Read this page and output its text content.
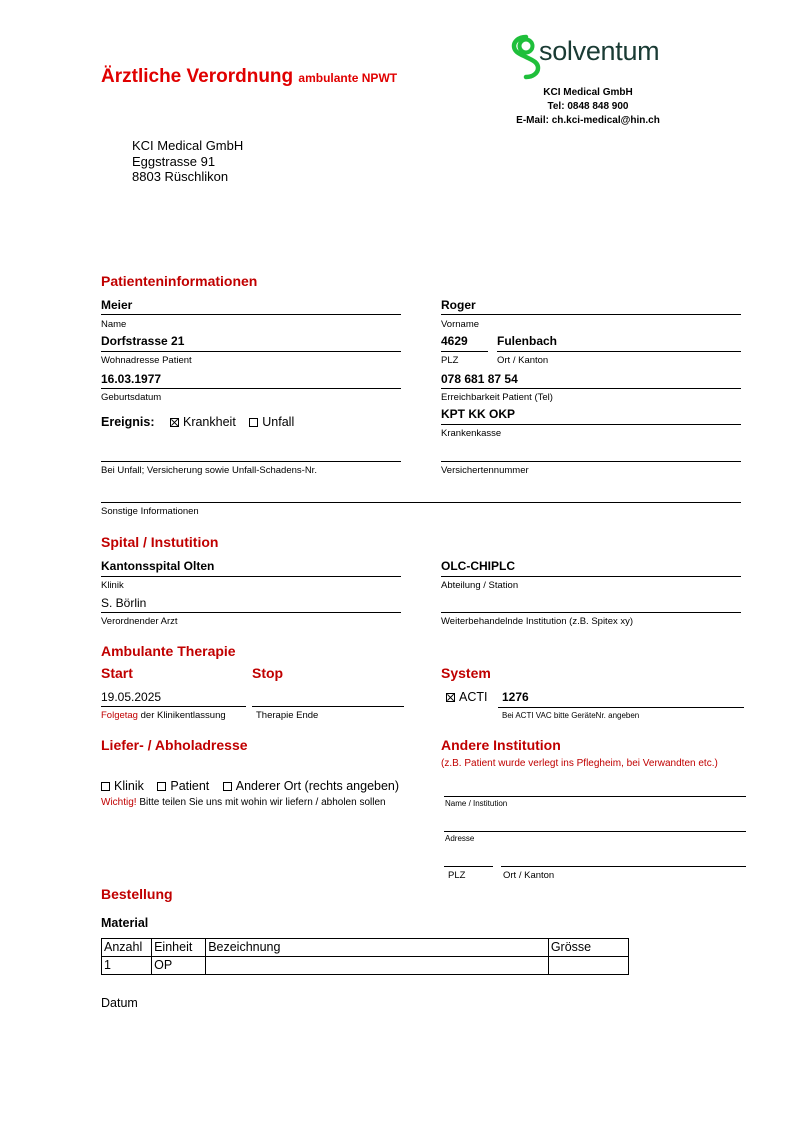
Ärztliche Verordnung ambulante NPWT
solventum
KCI Medical GmbH
Tel: 0848 848 900
E-Mail: ch.kci-medical@hin.ch
KCI Medical GmbH
Eggstrasse 91
8803 Rüschlikon
Patienteninformationen
Meier
Name
Roger
Vorname
Dorfstrasse 21
Wohnadresse Patient
4629
PLZ
Fulenbach
Ort / Kanton
16.03.1977
Geburtsdatum
078 681 87 54
Erreichbarkeit Patient (Tel)
Ereignis: Krankheit Unfall
KPT KK OKP
Krankenkasse
Bei Unfall; Versicherung sowie Unfall-Schadens-Nr.	Versichertennummer
Sonstige Informationen
Spital / Instutition
Kantonsspital Olten
Klinik
OLC-CHIPLC
Abteilung / Station
S. Börlin
Verordnender Arzt	Weiterbehandelnde Institution (z.B. Spitex xy)
Ambulante Therapie
Start	Stop	System
19.05.2025
Folgetag der Klinikentlassung	Therapie Ende
ACTI 1276
Bei ACTI VAC bitte GeräteNr. angeben
Liefer- / Abholadresse
Klinik Patient Anderer Ort (rechts angeben)
Wichtig! Bitte teilen Sie uns mit wohin wir liefern / abholen sollen
Andere Institution
(z.B. Patient wurde verlegt ins Pflegheim, bei Verwandten etc.)
Name / Institution
Adresse
PLZ	Ort / Kanton
Bestellung
Material
Anzahl	Einheit	Bezeichnung	Grösse
1	OP		
Datum
